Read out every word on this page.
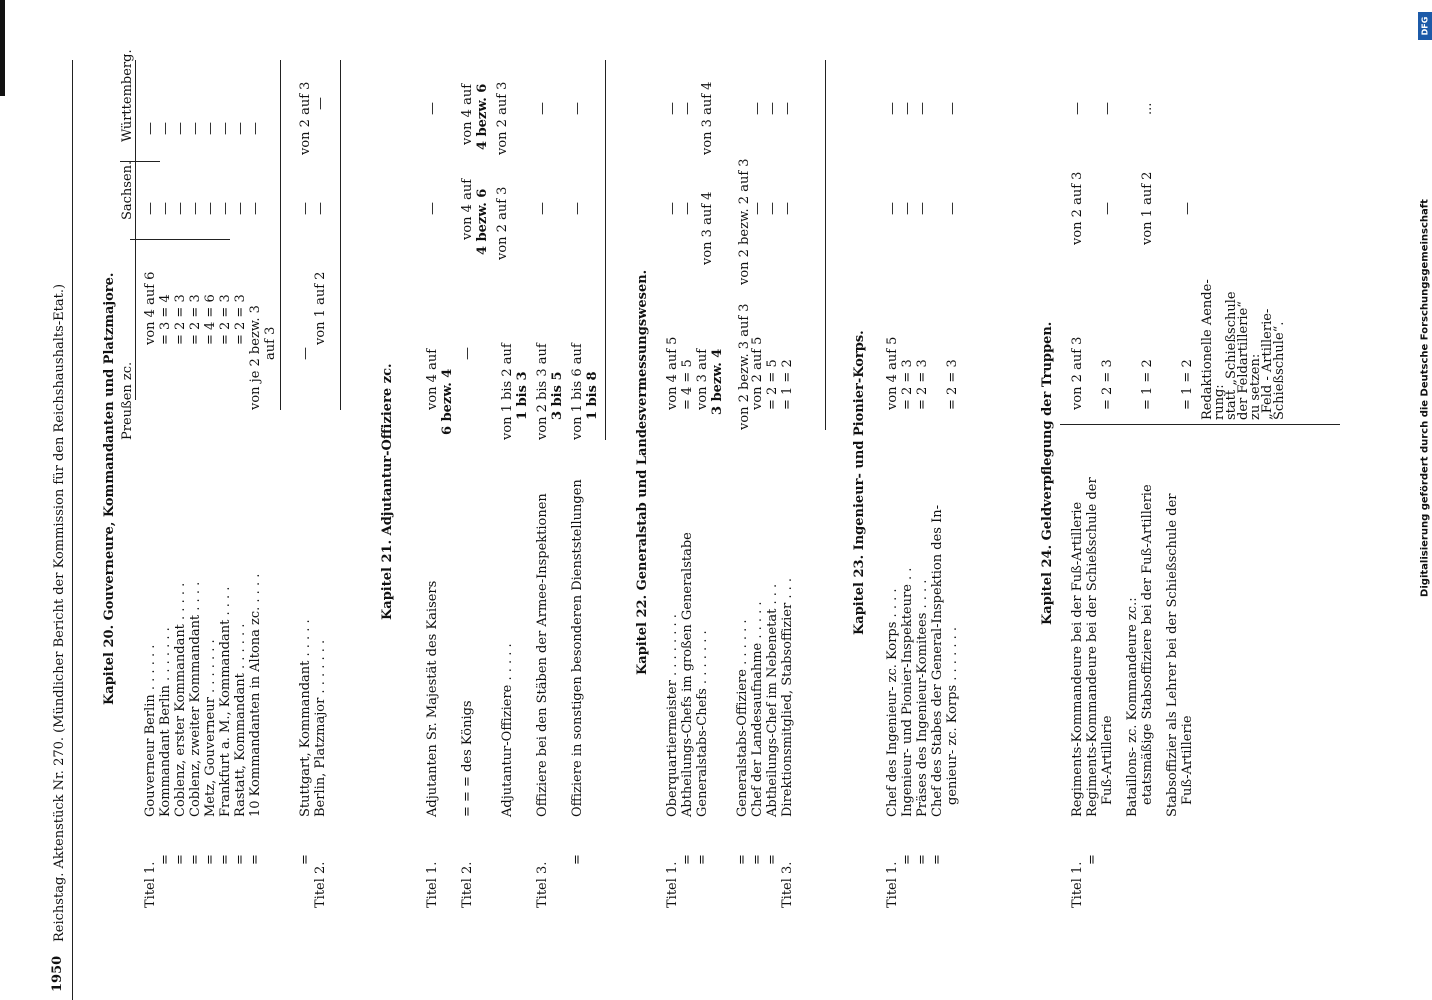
DFG
Digitalisierung gefördert durch die Deutsche Forschungsgemeinschaft
1950
Reichstag. Aktenstück Nr. 270. (Mündlicher Bericht der Kommission für den Reichshaushalts-Etat.)	Preußen zc.
Sachsen.
Württemberg.
Kapitel 20. Gouverneure, Kommandanten und Platzmajore.
Titel 1.
Gouverneur Berlin . . . . . .
von 4 auf 6
—
—
=
Kommandant Berlin . . . . . . .
= 3 = 4
—
—
=
Coblenz, erster Kommandant . . . . .
= 2 = 3
—
—
=
Coblenz, zweiter Kommandant . . . .
= 2 = 3
—
—
=
Metz, Gouverneur . . . . . . .
= 4 = 6
—
—
=
Frankfurt a. M., Kommandant . . . .
= 2 = 3
—
—
=
Rastatt, Kommandant . . . . . .
= 2 = 3
—
—
=
10 Kommandanten in Altona zc. . . . .
von je 2 bezw. 3
—
—
auf 3
=
Stuttgart, Kommandant . . . . .
—
—
von 2 auf 3
Titel 2.
Berlin, Platzmajor . . . . . . .
von 1 auf 2
—
—
Kapitel 21. Adjutantur-Offiziere zc.
Titel 1.
Adjutanten Sr. Majestät des Kaisers
von 4 auf 6 bezw. 4
—
—
Titel 2.
= = = des Königs
—
von 4 auf 4 bezw. 6
von 4 auf 4 bezw. 6
Adjutantur-Offiziere . . . . .
von 1 bis 2 auf 1 bis 3
von 2 auf 3
von 2 auf 3
Titel 3.
Offiziere bei den Stäben der Armee-Inspektionen
von 2 bis 3 auf 3 bis 5
—
—
=
Offiziere in sonstigen besonderen Dienststellungen
von 1 bis 6 auf 1 bis 8
—
—
Kapitel 22. Generalstab und Landesvermessungswesen.
Titel 1.
Oberquartiermeister . . . . . . . .
von 4 auf 5
—
—
=
Abtheilungs-Chefs im großen Generalstabe
= 4 = 5
—
—
=
Generalstabs-Chefs . . . . . . .
von 3 auf 3 bezw. 4
von 3 auf 4
von 3 auf 4
=
Generalstabs-Offiziere . . . . . .
von 2 bezw. 3 auf 3
von 2 bezw. 2 auf 3
=
Chef der Landesaufnahme . . . . .
von 2 auf 5
—
—
=
Abtheilungs-Chef im Nebenetat . . .
= 2 = 5
—
—
Titel 3.
Direktionsmitglied, Stabsoffizier . . .
= 1 = 2
—
—
Kapitel 23. Ingenieur- und Pionier-Korps.
Titel 1.
Chef des Ingenieur- zc. Korps . . . .
von 4 auf 5
—
—
=
Ingenieur- und Pionier-Inspekteure . .
= 2 = 3
—
—
=
Präses des Ingenieur-Komitees . . . .
= 2 = 3
—
—
=
Chef des Stabes der General-Inspektion des In- genieur- zc. Korps . . . . . . .
= 2 = 3
—
—
Kapitel 24. Geldverpflegung der Truppen.
Titel 1.
Regiments-Kommandeure bei der Fuß-Artillerie
von 2 auf 3
von 2 auf 3
—
=
Regiments-Kommandeure bei der Schießschule der Fuß-Artillerie
= 2 = 3
—
—
Bataillons- zc. Kommandeure zc.: etatsmäßige Stabsoffiziere bei der Fuß-Artillerie
= 1 = 2
von 1 auf 2
...
Stabsoffizier als Lehrer bei der Schießschule der Fuß-Artillerie
= 1 = 2
—
Redaktionelle Aende-
rung:
statt „Schießschule
der Feldartillerie“
zu setzen:
„Feld - Artillerie-
Schießschule“.
